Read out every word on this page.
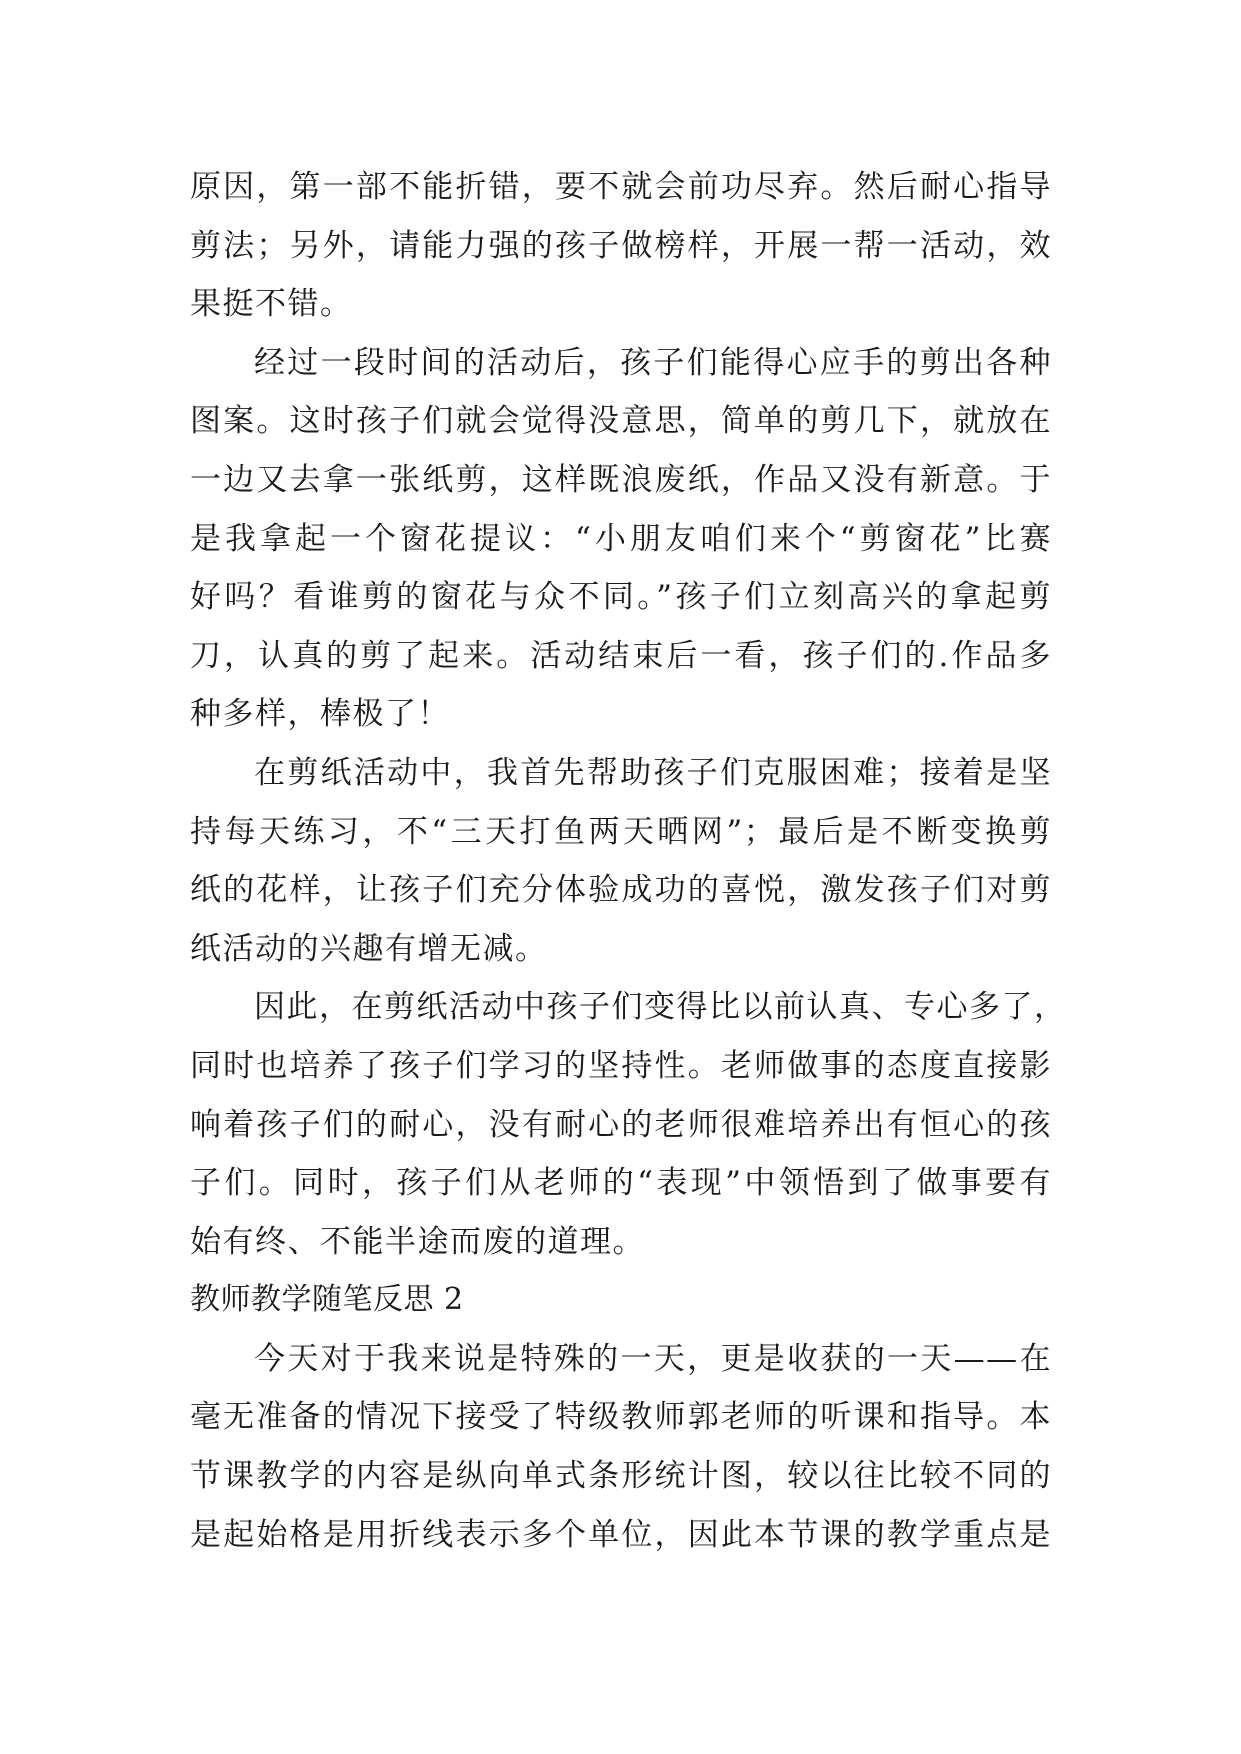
原因，第一部不能折错，要不就会前功尽弃。然后耐心指导
剪法；另外，请能力强的孩子做榜样，开展一帮一活动，效
果挺不错。
经过一段时间的活动后，孩子们能得心应手的剪出各种
图案。这时孩子们就会觉得没意思，简单的剪几下，就放在
一边又去拿一张纸剪，这样既浪废纸，作品又没有新意。于
是我拿起一个窗花提议：“小朋友咱们来个“剪窗花”比赛
好吗？看谁剪的窗花与众不同。”孩子们立刻高兴的拿起剪
刀，认真的剪了起来。活动结束后一看，孩子们的.作品多
种多样，棒极了！
在剪纸活动中，我首先帮助孩子们克服困难；接着是坚
持每天练习，不“三天打鱼两天晒网”；最后是不断变换剪
纸的花样，让孩子们充分体验成功的喜悦，激发孩子们对剪
纸活动的兴趣有增无减。
因此，在剪纸活动中孩子们变得比以前认真、专心多了，
同时也培养了孩子们学习的坚持性。老师做事的态度直接影
响着孩子们的耐心，没有耐心的老师很难培养出有恒心的孩
子们。同时，孩子们从老师的“表现”中领悟到了做事要有
始有终、不能半途而废的道理。
教师教学随笔反思 2
今天对于我来说是特殊的一天，更是收获的一天——在
毫无准备的情况下接受了特级教师郭老师的听课和指导。本
节课教学的内容是纵向单式条形统计图，较以往比较不同的
是起始格是用折线表示多个单位，因此本节课的教学重点是
